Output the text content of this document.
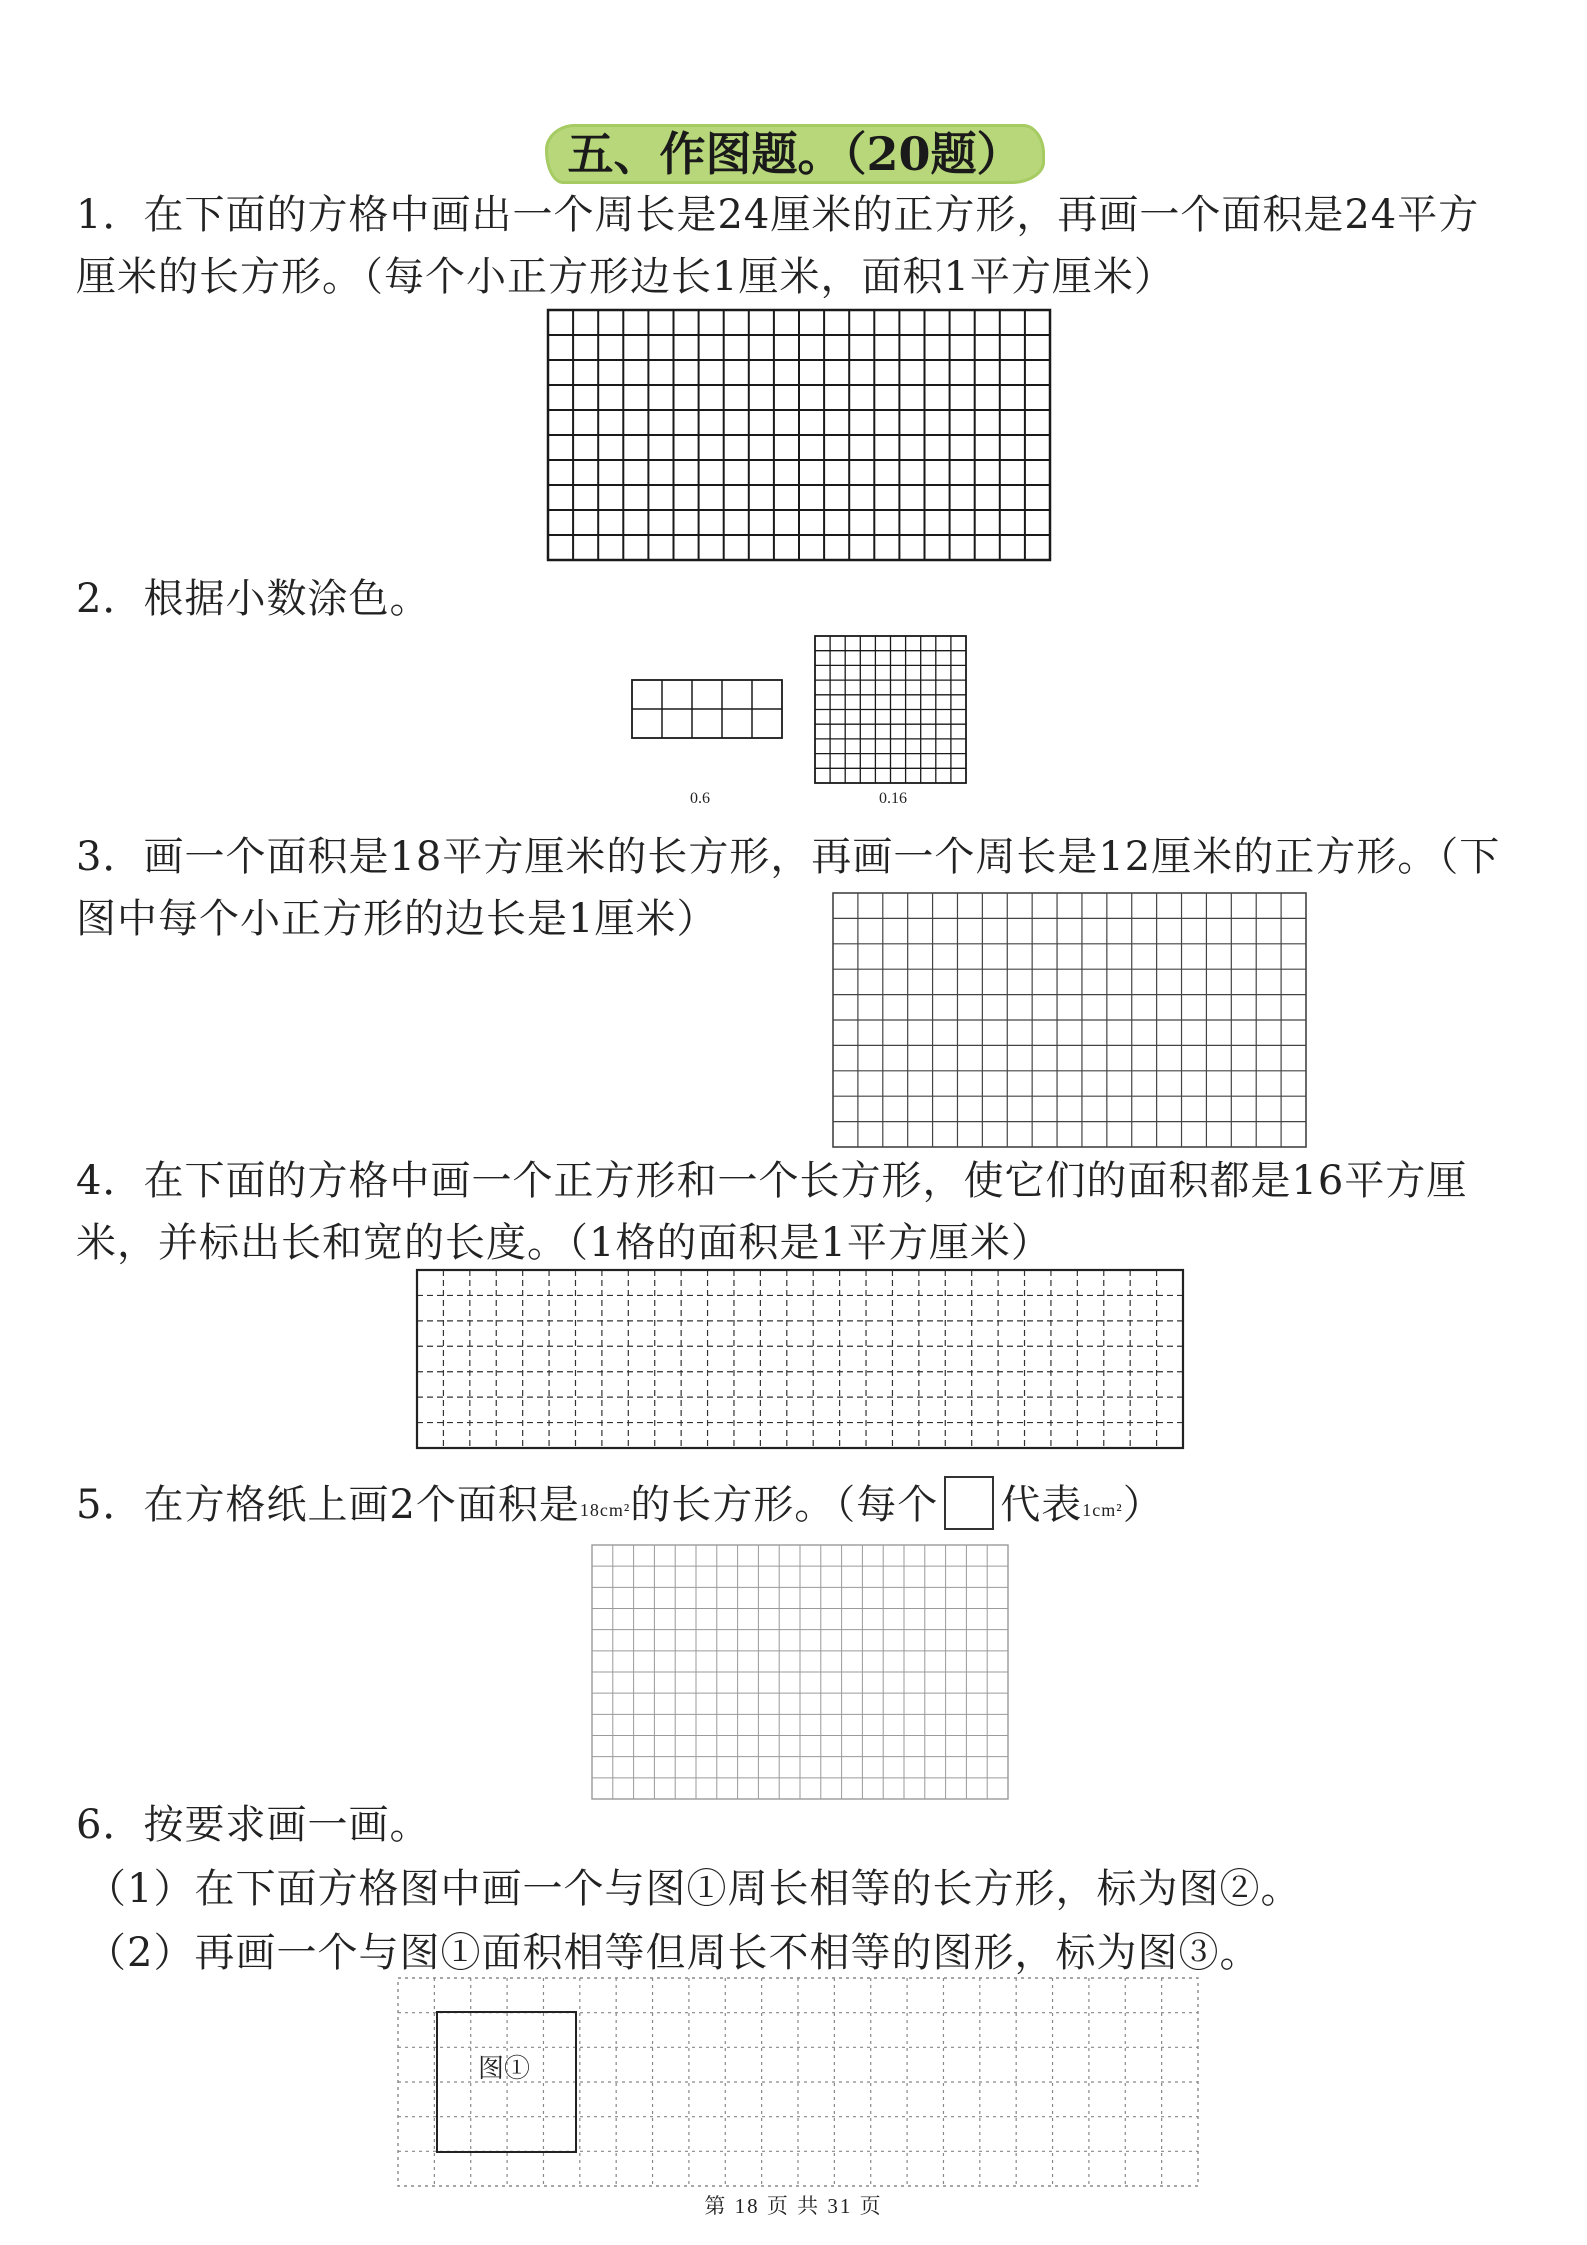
五、作图题。（20题）
1．在下面的方格中画出一个周长是24厘米的正方形，再画一个面积是24平方
厘米的长方形。（每个小正方形边长1厘米，面积1平方厘米）
2．根据小数涂色。
0.6	0.16
3．画一个面积是18平方厘米的长方形，再画一个周长是12厘米的正方形。（下
图中每个小正方形的边长是1厘米）
4．在下面的方格中画一个正方形和一个长方形，使它们的面积都是16平方厘
米，并标出长和宽的长度。（1格的面积是1平方厘米）
5．在方格纸上画2个面积是18cm²的长方形。（每个 代表1cm²）
6．按要求画一画。
（1）在下面方格图中画一个与图①周长相等的长方形，标为图②。
（2）再画一个与图①面积相等但周长不相等的图形，标为图③。
图①
第 18 页 共 31 页
